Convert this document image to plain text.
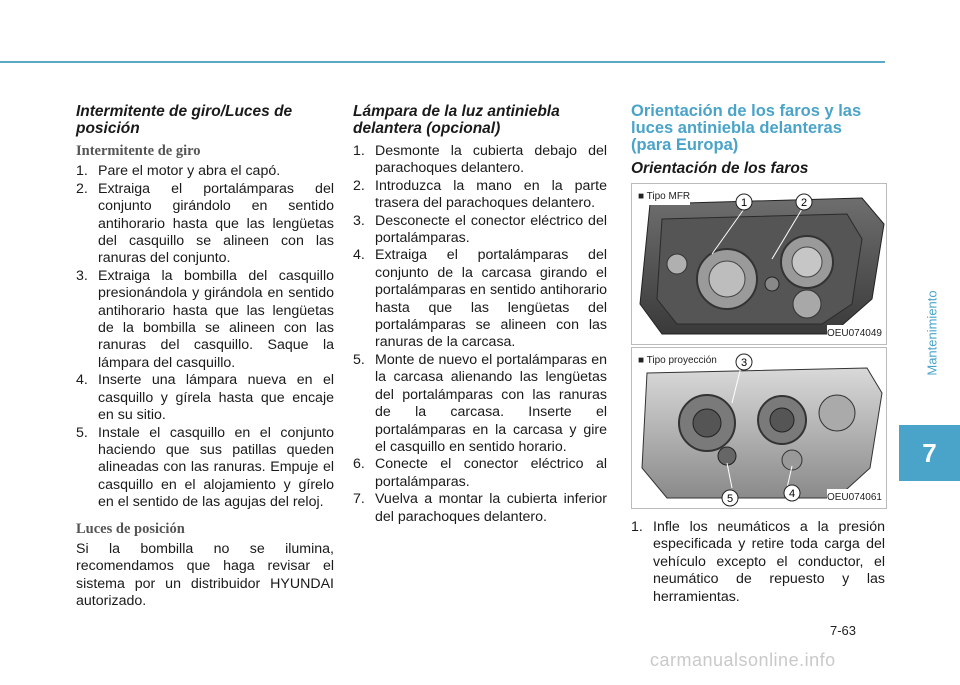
Intermitente de giro/Luces de posición
Intermitente de giro
1. Pare el motor y abra el capó.
2. Extraiga el portalámparas del conjunto girándolo en sentido antihorario hasta que las lengüetas del casquillo se alineen con las ranuras del conjunto.
3. Extraiga la bombilla del casquillo presionándola y girándola en sentido antihorario hasta que las lengüetas de la bombilla se alineen con las ranuras del casquillo. Saque la lámpara del casquillo.
4. Inserte una lámpara nueva en el casquillo y gírela hasta que encaje en su sitio.
5. Instale el casquillo en el conjunto haciendo que sus patillas queden alineadas con las ranuras. Empuje el casquillo en el alojamiento y gírelo en el sentido de las agujas del reloj.
Luces de posición

Si la bombilla no se ilumina, recomendamos que haga revisar el sistema por un distribuidor HYUNDAI autorizado.

Lámpara de la luz antiniebla delantera (opcional)
1. Desmonte la cubierta debajo del parachoques delantero.
2. Introduzca la mano en la parte trasera del parachoques delantero.
3. Desconecte el conector eléctrico del portalámparas.
4. Extraiga el portalámparas del conjunto de la carcasa girando el portalámparas en sentido antihorario hasta que las lengüetas del portalámparas se alineen con las ranuras de la carcasa.
5. Monte de nuevo el portalámparas en la carcasa alienando las lengüetas del portalámparas con las ranuras de la carcasa. Inserte el portalámparas en la carcasa y gire el casquillo en sentido horario.
6. Conecte el conector eléctrico al portalámparas.
7. Vuelva a montar la cubierta inferior del parachoques delantero.
Orientación de los faros y las luces antiniebla delanteras (para Europa)
Orientación de los faros
■ Tipo MFR
1	2
OEU074049
■ Tipo proyección 3
4
5	OEU074061
1. Infle los neumáticos a la presión especificada y retire toda carga del vehículo excepto el conductor, el neumático de repuesto y las herramientas.
Mantenimiento
7
7-63
carmanualsonline.info
